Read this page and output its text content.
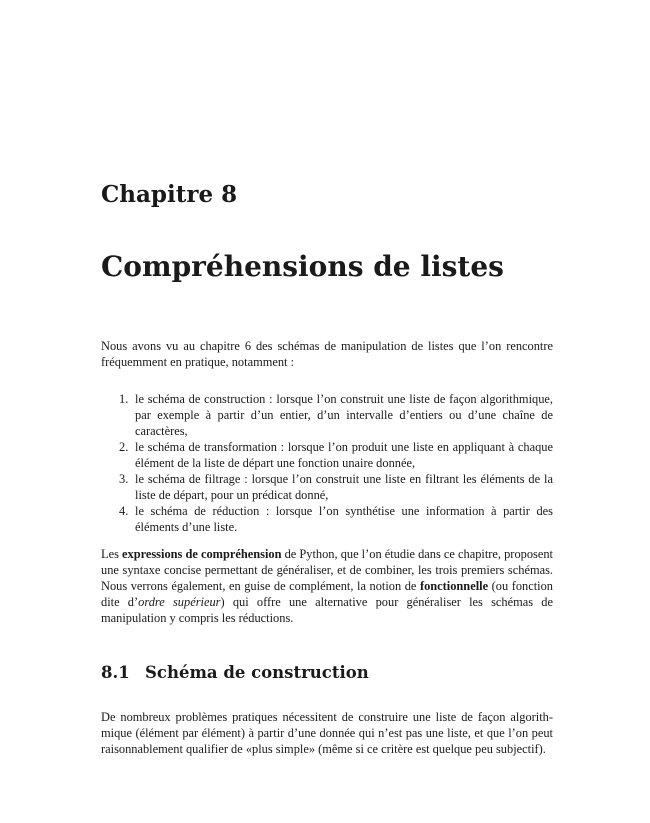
Chapitre 8
Compréhensions de listes

Nous avons vu au chapitre 6 des schémas de manipulation de listes que l’on rencontre fréquemment en pratique, notamment :

1. le schéma de construction : lorsque l’on construit une liste de façon algorithmique, par exemple à partir d’un entier, d’un intervalle d’entiers ou d’une chaîne de caractères,
2. le schéma de transformation : lorsque l’on produit une liste en appliquant à chaque élément de la liste de départ une fonction unaire donnée,
3. le schéma de filtrage : lorsque l’on construit une liste en filtrant les éléments de la liste de départ, pour un prédicat donné,
4. le schéma de réduction : lorsque l’on synthétise une information à partir des éléments d’une liste.

Les expressions de compréhension de Python, que l’on étudie dans ce chapitre, proposent une syntaxe concise permettant de généraliser, et de combiner, les trois premiers schémas. Nous verrons également, en guise de complément, la notion de fonctionnelle (ou fonction dite d’ordre supérieur) qui offre une alternative pour généraliser les schémas de manipulation y compris les réductions.

8.1 Schéma de construction

De nombreux problèmes pratiques nécessitent de construire une liste de façon algorithmique (élément par élément) à partir d’une donnée qui n’est pas une liste, et que l’on peut raisonnablement qualifier de «plus simple» (même si ce critère est quelque peu subjectif).
